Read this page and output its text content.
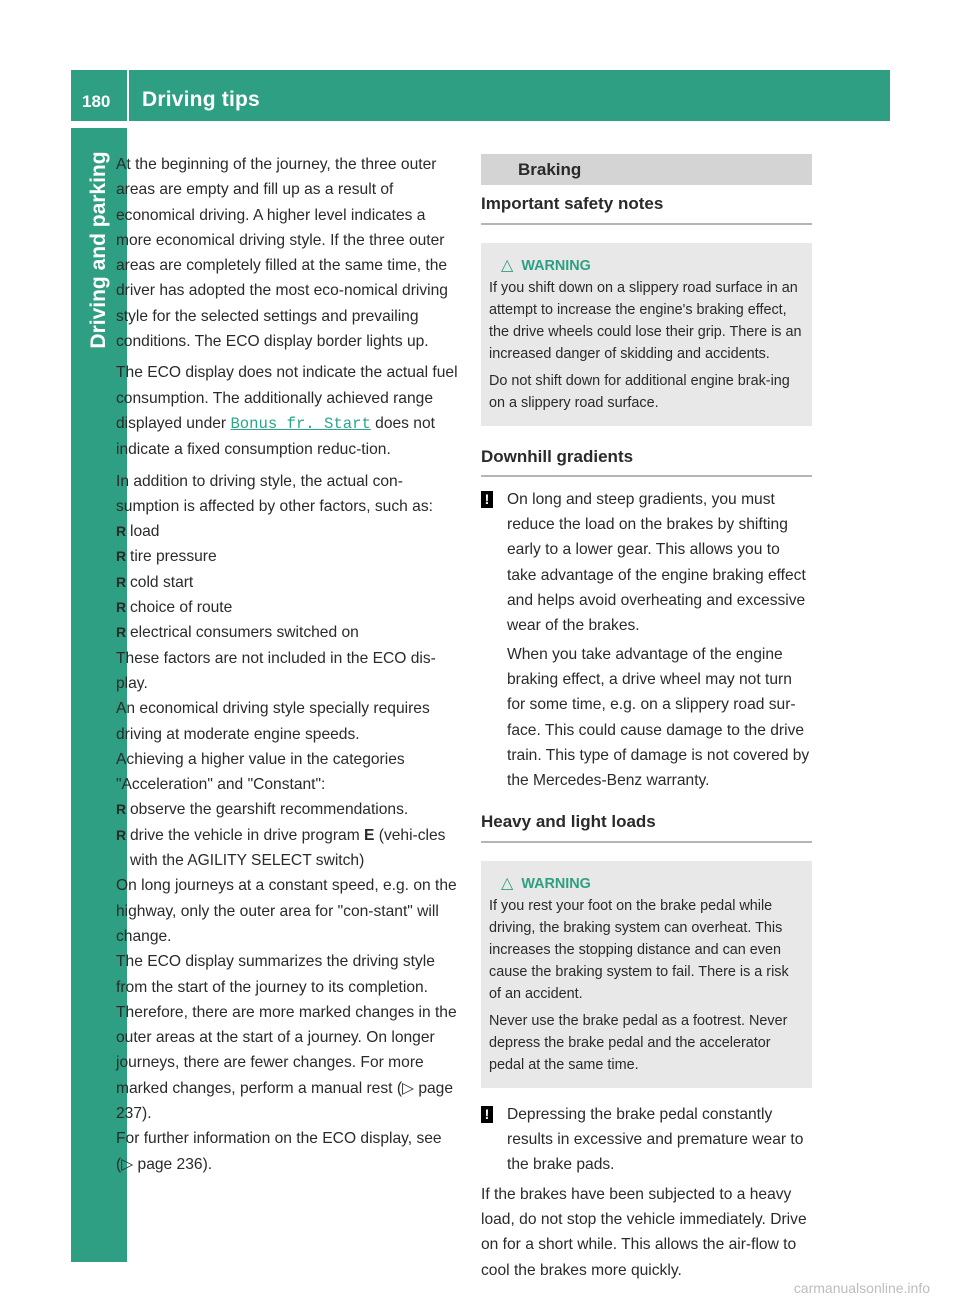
180	Driving tips
Driving and parking At the beginning of the journey, the three outer areas are empty and fill up as a result of economical driving. A higher level indicates a more economical driving style. If the three outer areas are completely filled at the same time, the driver has adopted the most eco-nomical driving style for the selected settings and prevailing conditions. The ECO display border lights up.

The ECO display does not indicate the actual fuel consumption. The additionally achieved range displayed under Bonus fr. Start does not indicate a fixed consumption reduc-tion.

In addition to driving style, the actual con-sumption is affected by other factors, such as:

R load
R tire pressure
R cold start
R choice of route
R electrical consumers switched on

These factors are not included in the ECO dis-play.

An economical driving style specially requires driving at moderate engine speeds.

Achieving a higher value in the categories "Acceleration" and "Constant":

R observe the gearshift recommendations.
R drive the vehicle in drive program E (vehi-cles with the AGILITY SELECT switch)

On long journeys at a constant speed, e.g. on the highway, only the outer area for "con-stant" will change.

The ECO display summarizes the driving style from the start of the journey to its completion. Therefore, there are more marked changes in the outer areas at the start of a journey. On longer journeys, there are fewer changes. For more marked changes, perform a manual rest (▷ page 237).

For further information on the ECO display, see (▷ page 236).

Braking
Important safety notes
△ WARNING

If you shift down on a slippery road surface in an attempt to increase the engine's braking effect, the drive wheels could lose their grip. There is an increased danger of skidding and accidents.

Do not shift down for additional engine brak-ing on a slippery road surface.

Downhill gradients
! On long and steep gradients, you must reduce the load on the brakes by shifting early to a lower gear. This allows you to take advantage of the engine braking effect and helps avoid overheating and excessive wear of the brakes.

When you take advantage of the engine braking effect, a drive wheel may not turn for some time, e.g. on a slippery road sur-face. This could cause damage to the drive train. This type of damage is not covered by the Mercedes-Benz warranty.

Heavy and light loads
△ WARNING

If you rest your foot on the brake pedal while driving, the braking system can overheat. This increases the stopping distance and can even cause the braking system to fail. There is a risk of an accident.

Never use the brake pedal as a footrest. Never depress the brake pedal and the accelerator pedal at the same time.

! Depressing the brake pedal constantly results in excessive and premature wear to the brake pads.

If the brakes have been subjected to a heavy load, do not stop the vehicle immediately. Drive on for a short while. This allows the air-flow to cool the brakes more quickly.

carmanualsonline.info
